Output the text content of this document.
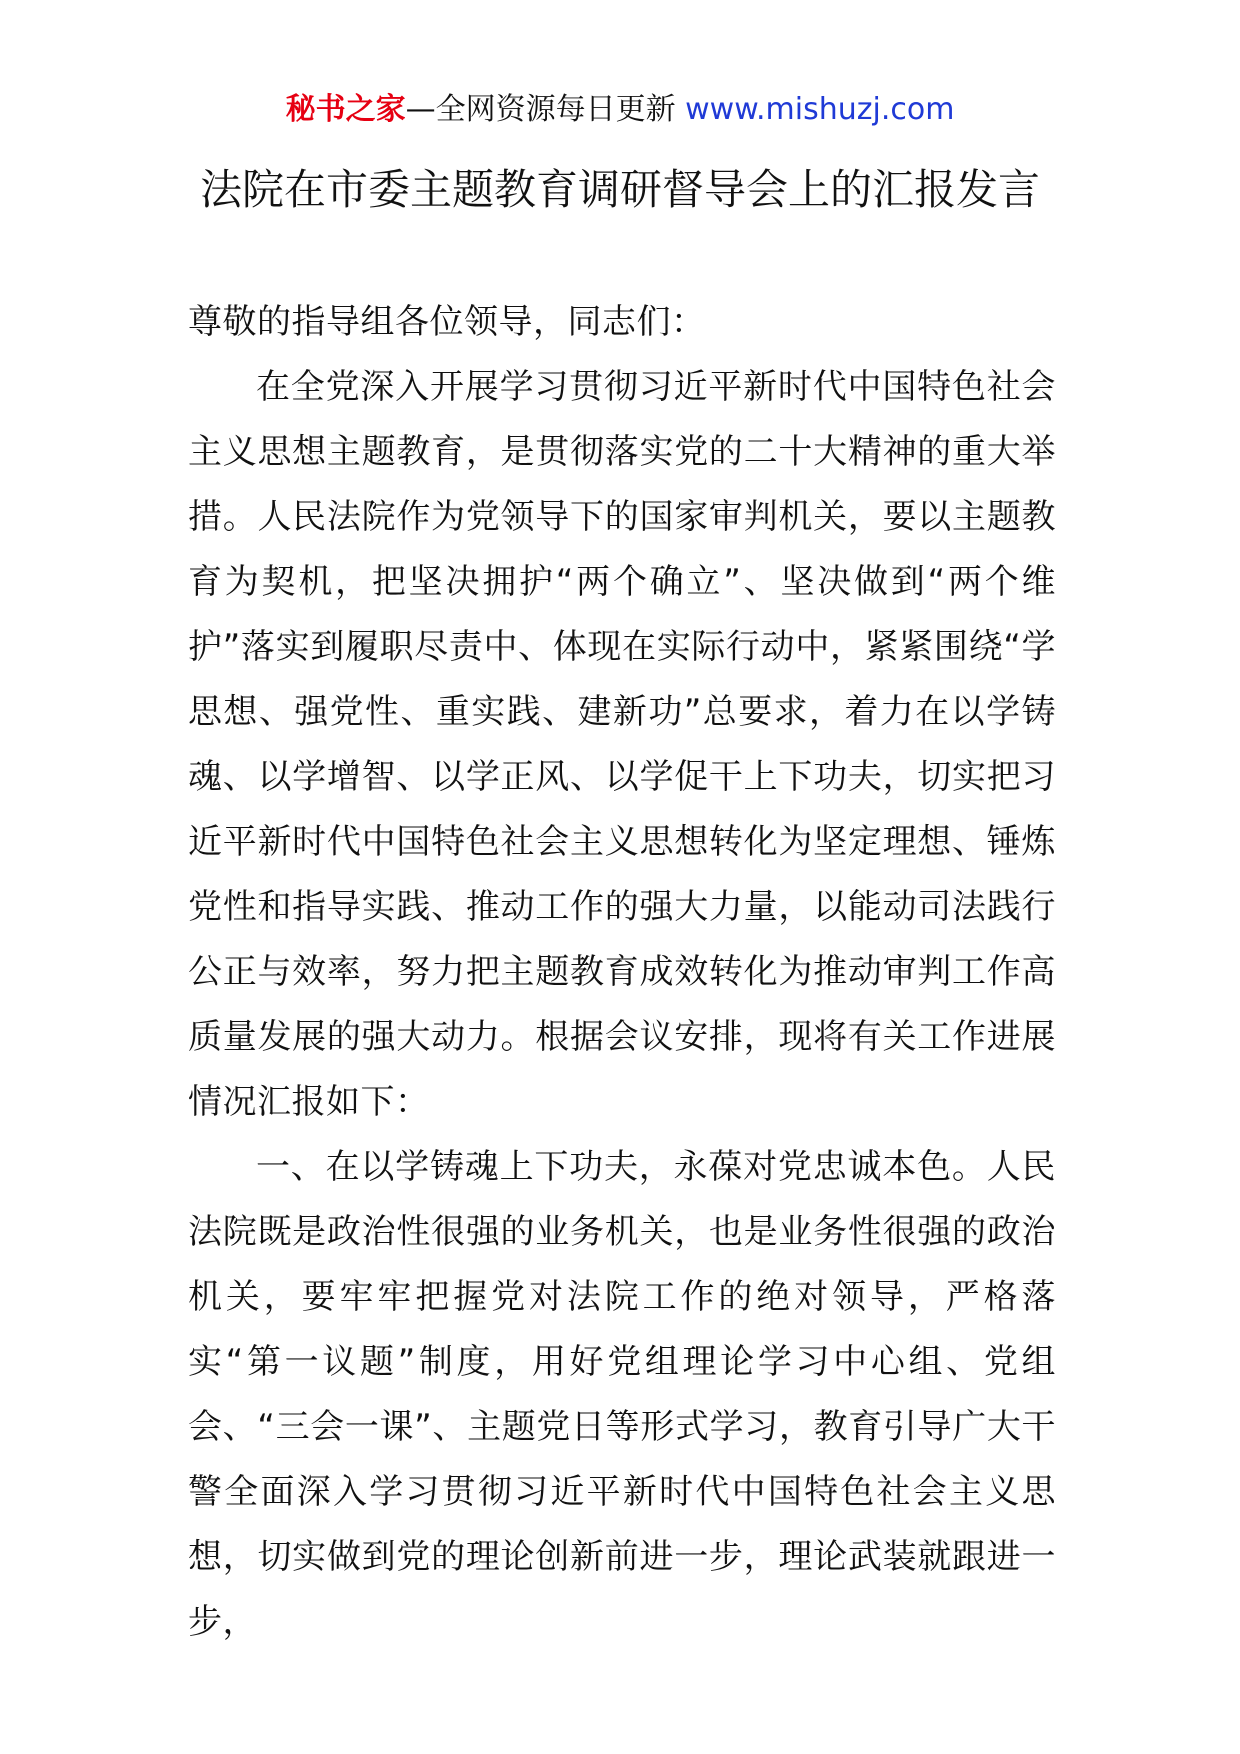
秘书之家—全网资源每日更新 www.mishuzj.com
法院在市委主题教育调研督导会上的汇报发言

尊敬的指导组各位领导，同志们：

在全党深入开展学习贯彻习近平新时代中国特色社会主义思想主题教育，是贯彻落实党的二十大精神的重大举措。人民法院作为党领导下的国家审判机关，要以主题教育为契机，把坚决拥护“两个确立”、坚决做到“两个维护”落实到履职尽责中、体现在实际行动中，紧紧围绕“学思想、强党性、重实践、建新功”总要求，着力在以学铸魂、以学增智、以学正风、以学促干上下功夫，切实把习近平新时代中国特色社会主义思想转化为坚定理想、锤炼党性和指导实践、推动工作的强大力量，以能动司法践行公正与效率，努力把主题教育成效转化为推动审判工作高质量发展的强大动力。根据会议安排，现将有关工作进展情况汇报如下：

一、在以学铸魂上下功夫，永葆对党忠诚本色。人民法院既是政治性很强的业务机关，也是业务性很强的政治机关，要牢牢把握党对法院工作的绝对领导，严格落实“第一议题”制度，用好党组理论学习中心组、党组会、“三会一课”、主题党日等形式学习，教育引导广大干警全面深入学习贯彻习近平新时代中国特色社会主义思想，切实做到党的理论创新前进一步，理论武装就跟进一步，
